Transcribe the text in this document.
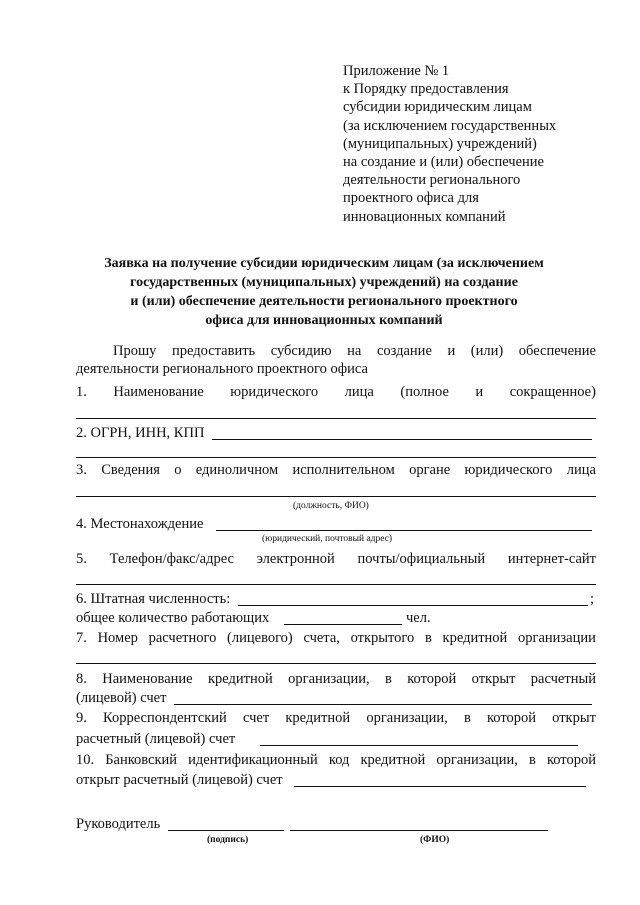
Приложение № 1
к Порядку предоставления
субсидии юридическим лицам
(за исключением государственных
(муниципальных) учреждений)
на создание и (или) обеспечение
деятельности регионального
проектного офиса для
инновационных компаний
Заявка на получение субсидии юридическим лицам (за исключением
государственных (муниципальных) учреждений) на создание
и (или) обеспечение деятельности регионального проектного
офиса для инновационных компаний
Прошу предоставить субсидию на создание и (или) обеспечение
деятельности регионального проектного офиса
1. Наименование юридического лица (полное и сокращенное)
2. ОГРН, ИНН, КПП
3. Сведения о единоличном исполнительном органе юридического лица
(должность, ФИО)
4. Местонахождение
(юридический, почтовый адрес)
5. Телефон/факс/адрес электронной почты/официальный интернет-сайт
6. Штатная численность:	;
общее количество работающих	чел.
7. Номер расчетного (лицевого) счета, открытого в кредитной организации
8. Наименование кредитной организации, в которой открыт расчетный
(лицевой) счет
9. Корреспондентский счет кредитной организации, в которой открыт
расчетный (лицевой) счет
10. Банковский идентификационный код кредитной организации, в которой
открыт расчетный (лицевой) счет
Руководитель
(подпись)	(ФИО)
